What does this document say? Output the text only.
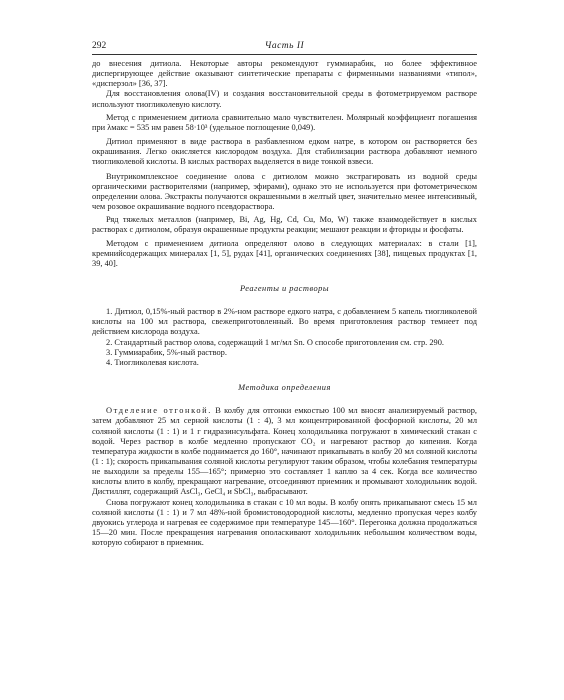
292	Часть II

до внесения дитиола. Некоторые авторы рекомендуют гуммиарабик, но более эффективное диспергирующее действие оказывают синтетические препараты с фирменными названиями «типол», «дисперзол» [36, 37].

Для восстановления олова(IV) и создания восстановительной среды в фотометрируемом растворе используют тиогликолевую кислоту.

Метод с применением дитиола сравнительно мало чувствителен. Молярный коэффициент погашения при λмакс = 535 нм равен 58·10³ (удельное поглощение 0,049).

Дитиол применяют в виде раствора в разбавленном едком натре, в котором он растворяется без окрашивания. Легко окисляется кислородом воздуха. Для стабилизации раствора добавляют немного тиогликолевой кислоты. В кислых растворах выделяется в виде тонкой взвеси.

Внутрикомплексное соединение олова с дитиолом можно экстрагировать из водной среды органическими растворителями (например, эфирами), однако это не используется при фотометрическом определении олова. Экстракты получаются окрашенными в желтый цвет, значительно менее интенсивный, чем розовое окрашивание водного псевдораствора.

Ряд тяжелых металлов (например, Bi, Ag, Hg, Cd, Cu, Mo, W) также взаимодействует в кислых растворах с дитиолом, образуя окрашенные продукты реакции; мешают реакции и фториды и фосфаты.

Методом с применением дитиола определяют олово в следующих материалах: в стали [1], кремнийсодержащих минералах [1, 5], рудах [41], органических соединениях [38], пищевых продуктах [1, 39, 40].

Реагенты и растворы

1. Дитиол, 0,15%-ный раствор в 2%-ном растворе едкого натра, с добавлением 5 капель тиогликолевой кислоты на 100 мл раствора, свежеприготовленный. Во время приготовления раствор темнеет под действием кислорода воздуха.

2. Стандартный раствор олова, содержащий 1 мг/мл Sn. О способе приготовления см. стр. 290.

3. Гуммиарабик, 5%-ный раствор.

4. Тиогликолевая кислота.

Методика определения

Отделение отгонкой. В колбу для отгонки емкостью 100 мл вносят анализируемый раствор, затем добавляют 25 мл серной кислоты (1 : 4), 3 мл концентрированной фосфорной кислоты, 20 мл соляной кислоты (1 : 1) и 1 г гидразинсульфата. Конец холодильника погружают в химический стакан с водой. Через раствор в колбе медленно пропускают CO₂ и нагревают раствор до кипения. Когда температура жидкости в колбе поднимается до 160°, начинают прикапывать в колбу 20 мл соляной кислоты (1 : 1); скорость прикапывания соляной кислоты регулируют таким образом, чтобы колебания температуры не выходили за пределы 155—165°; примерно это составляет 1 каплю за 4 сек. Когда все количество кислоты влито в колбу, прекращают нагревание, отсоединяют приемник и промывают холодильник водой. Дистиллят, содержащий AsCl₃, GeCl₄ и SbCl₃, выбрасывают.

Снова погружают конец холодильника в стакан с 10 мл воды. В колбу опять прикапывают смесь 15 мл соляной кислоты (1 : 1) и 7 мл 48%-ной бромистоводородной кислоты, медленно пропуская через колбу двуокись углерода и нагревая ее содержимое при температуре 145—160°. Перегонка должна продолжаться 15—20 мин. После прекращения нагревания ополаскивают холодильник небольшим количеством воды, которую собирают в приемник.
